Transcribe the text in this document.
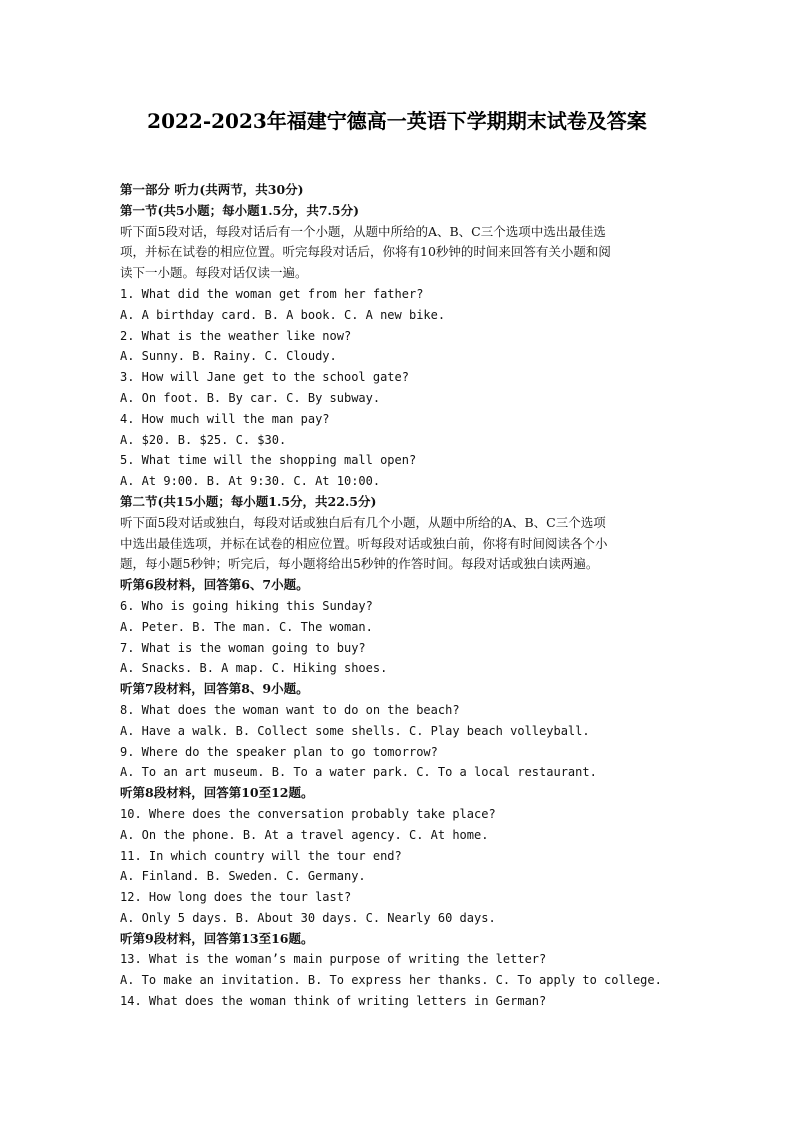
2022-2023年福建宁德高一英语下学期期末试卷及答案
第一部分 听力(共两节，共30分)
第一节(共5小题；每小题1.5分，共7.5分)
听下面5段对话，每段对话后有一个小题，从题中所给的A、B、C三个选项中选出最佳选
项，并标在试卷的相应位置。听完每段对话后，你将有10秒钟的时间来回答有关小题和阅
读下一小题。每段对话仅读一遍。
1. What did the woman get from her father?
A. A birthday card. B. A book. C. A new bike.
2. What is the weather like now?
A. Sunny. B. Rainy. C. Cloudy.
3. How will Jane get to the school gate?
A. On foot. B. By car. C. By subway.
4. How much will the man pay?
A. $20. B. $25. C. $30.
5. What time will the shopping mall open?
A. At 9:00. B. At 9:30. C. At 10:00.
第二节(共15小题；每小题1.5分，共22.5分)
听下面5段对话或独白，每段对话或独白后有几个小题，从题中所给的A、B、C三个选项
中选出最佳选项，并标在试卷的相应位置。听每段对话或独白前，你将有时间阅读各个小
题，每小题5秒钟；听完后，每小题将给出5秒钟的作答时间。每段对话或独白读两遍。
听第6段材料，回答第6、7小题。
6. Who is going hiking this Sunday?
A. Peter. B. The man. C. The woman.
7. What is the woman going to buy?
A. Snacks. B. A map. C. Hiking shoes.
听第7段材料，回答第8、9小题。
8. What does the woman want to do on the beach?
A. Have a walk. B. Collect some shells. C. Play beach volleyball.
9. Where do the speaker plan to go tomorrow?
A. To an art museum. B. To a water park. C. To a local restaurant.
听第8段材料，回答第10至12题。
10. Where does the conversation probably take place?
A. On the phone. B. At a travel agency. C. At home.
11. In which country will the tour end?
A. Finland. B. Sweden. C. Germany.
12. How long does the tour last?
A. Only 5 days. B. About 30 days. C. Nearly 60 days.
听第9段材料，回答第13至16题。
13. What is the woman’s main purpose of writing the letter?
A. To make an invitation. B. To express her thanks. C. To apply to college.
14. What does the woman think of writing letters in German?
